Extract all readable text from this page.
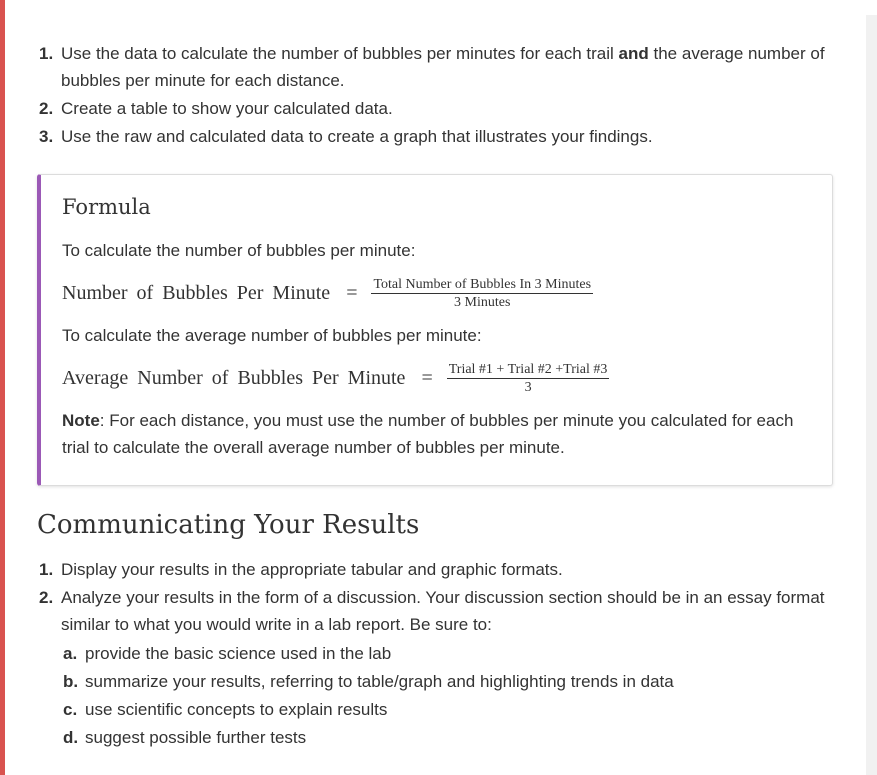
1. Use the data to calculate the number of bubbles per minutes for each trail and the average number of bubbles per minute for each distance.
2. Create a table to show your calculated data.
3. Use the raw and calculated data to create a graph that illustrates your findings.
Formula

To calculate the number of bubbles per minute:

Number of Bubbles Per Minute = $\frac{\text{Total Number of Bubbles In 3 Minutes}}{\text{3 Minutes}}$

To calculate the average number of bubbles per minute:

Average Number of Bubbles Per Minute = $\frac{\text{Trial \#1 + Trial \#2 +Trial \#3}}{3}$

Note: For each distance, you must use the number of bubbles per minute you calculated for each trial to calculate the overall average number of bubbles per minute.

Communicating Your Results
1. Display your results in the appropriate tabular and graphic formats.
2. Analyze your results in the form of a discussion. Your discussion section should be in an essay format similar to what you would write in a lab report. Be sure to:
a. provide the basic science used in the lab
b. summarize your results, referring to table/graph and highlighting trends in data
c. use scientific concepts to explain results
d. suggest possible further tests
